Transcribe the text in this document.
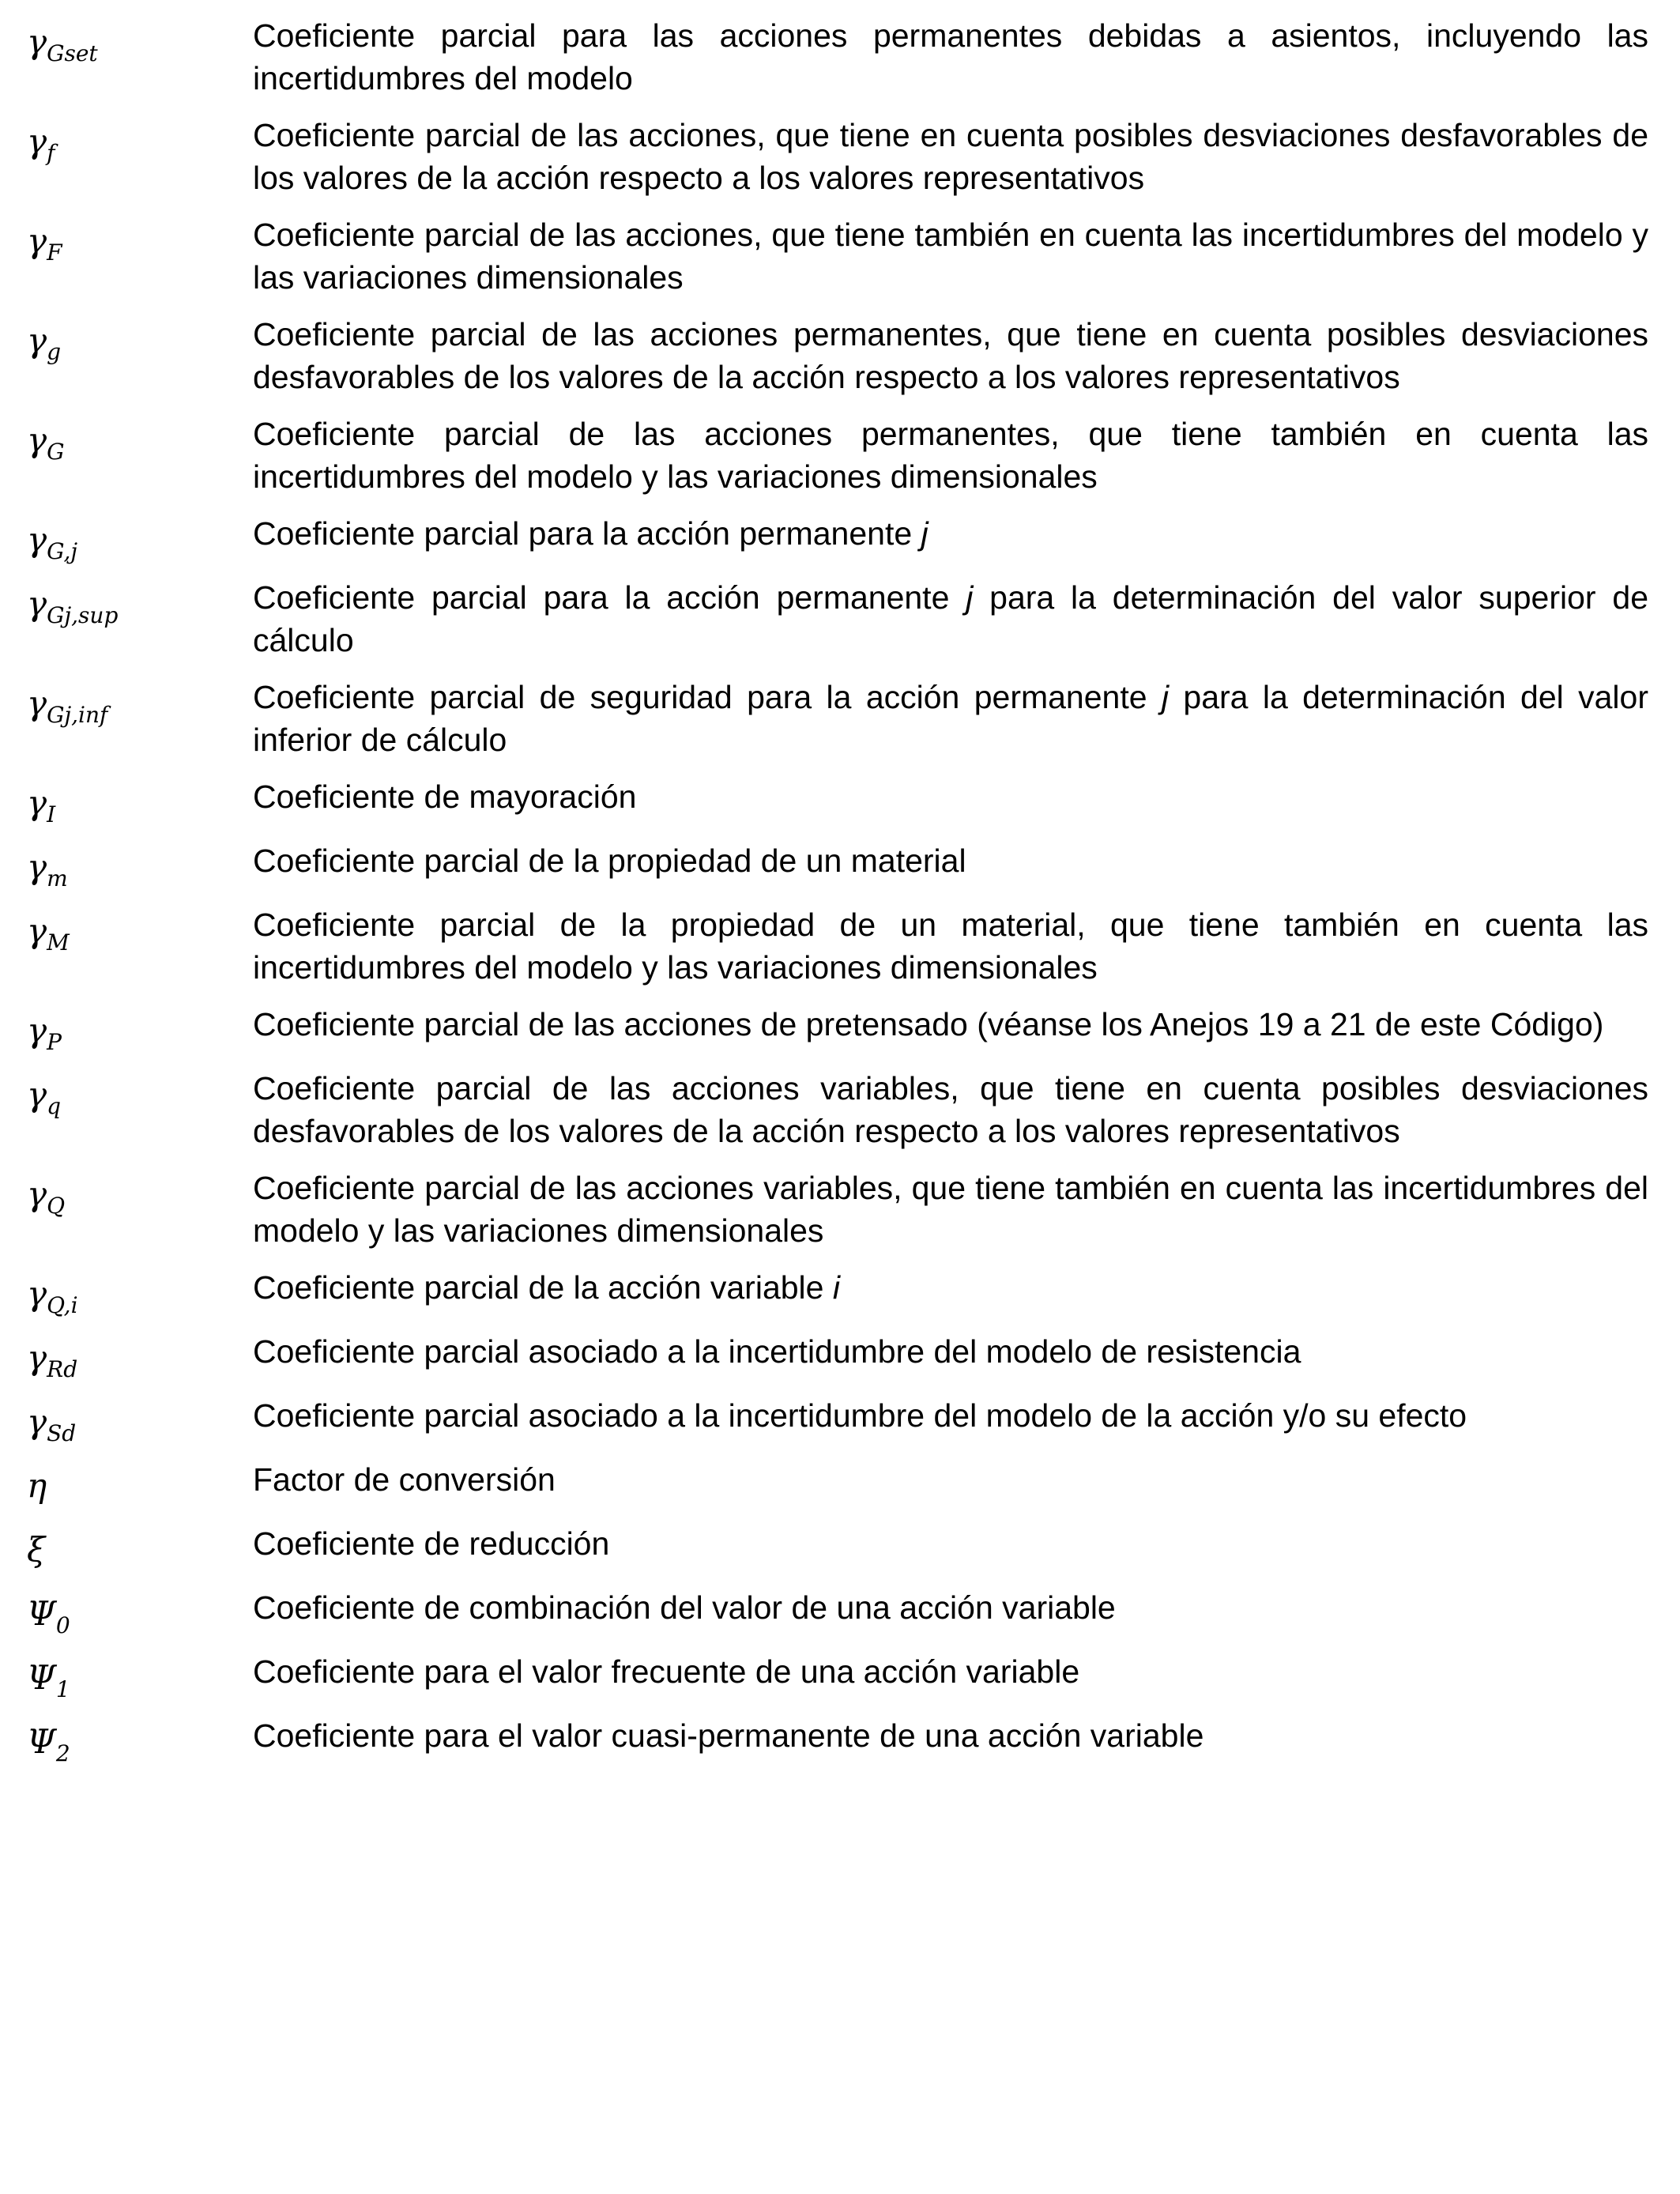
$\gamma_{Gset}$	Coeficiente parcial para las acciones permanentes debidas a asientos, incluyendo las incertidumbres del modelo
$\gamma_f$	Coeficiente parcial de las acciones, que tiene en cuenta posibles desviaciones desfavorables de los valores de la acción respecto a los valores representativos
$\gamma_F$	Coeficiente parcial de las acciones, que tiene también en cuenta las incertidumbres del modelo y las variaciones dimensionales
$\gamma_g$	Coeficiente parcial de las acciones permanentes, que tiene en cuenta posibles desviaciones desfavorables de los valores de la acción respecto a los valores representativos
$\gamma_G$	Coeficiente parcial de las acciones permanentes, que tiene también en cuenta las incertidumbres del modelo y las variaciones dimensionales
$\gamma_{G,j}$	Coeficiente parcial para la acción permanente j
$\gamma_{Gj,sup}$	Coeficiente parcial para la acción permanente j para la determinación del valor superior de cálculo
$\gamma_{Gj,inf}$	Coeficiente parcial de seguridad para la acción permanente j para la determinación del valor inferior de cálculo
$\gamma_I$	Coeficiente de mayoración
$\gamma_m$	Coeficiente parcial de la propiedad de un material
$\gamma_M$	Coeficiente parcial de la propiedad de un material, que tiene también en cuenta las incertidumbres del modelo y las variaciones dimensionales
$\gamma_P$	Coeficiente parcial de las acciones de pretensado (véanse los Anejos 19 a 21 de este Código)
$\gamma_q$	Coeficiente parcial de las acciones variables, que tiene en cuenta posibles desviaciones desfavorables de los valores de la acción respecto a los valores representativos
$\gamma_Q$	Coeficiente parcial de las acciones variables, que tiene también en cuenta las incertidumbres del modelo y las variaciones dimensionales
$\gamma_{Q,i}$	Coeficiente parcial de la acción variable i
$\gamma_{Rd}$	Coeficiente parcial asociado a la incertidumbre del modelo de resistencia
$\gamma_{Sd}$	Coeficiente parcial asociado a la incertidumbre del modelo de la acción y/o su efecto
η	Factor de conversión
ξ	Coeficiente de reducción
$\Psi_0$	Coeficiente de combinación del valor de una acción variable
$\Psi_1$	Coeficiente para el valor frecuente de una acción variable
$\Psi_2$	Coeficiente para el valor cuasi-permanente de una acción variable
